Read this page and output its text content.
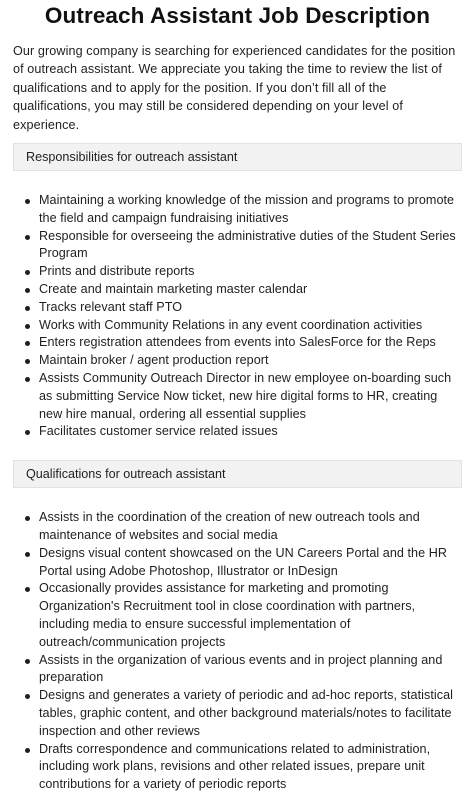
Outreach Assistant Job Description

Our growing company is searching for experienced candidates for the position of outreach assistant. We appreciate you taking the time to review the list of qualifications and to apply for the position. If you don’t fill all of the qualifications, you may still be considered depending on your level of experience.

Responsibilities for outreach assistant
Maintaining a working knowledge of the mission and programs to promote the field and campaign fundraising initiatives
Responsible for overseeing the administrative duties of the Student Series Program
Prints and distribute reports
Create and maintain marketing master calendar
Tracks relevant staff PTO
Works with Community Relations in any event coordination activities
Enters registration attendees from events into SalesForce for the Reps
Maintain broker / agent production report
Assists Community Outreach Director in new employee on-boarding such as submitting Service Now ticket, new hire digital forms to HR, creating new hire manual, ordering all essential supplies
Facilitates customer service related issues
Qualifications for outreach assistant
Assists in the coordination of the creation of new outreach tools and maintenance of websites and social media
Designs visual content showcased on the UN Careers Portal and the HR Portal using Adobe Photoshop, Illustrator or InDesign
Occasionally provides assistance for marketing and promoting Organization's Recruitment tool in close coordination with partners, including media to ensure successful implementation of outreach/communication projects
Assists in the organization of various events and in project planning and preparation
Designs and generates a variety of periodic and ad-hoc reports, statistical tables, graphic content, and other background materials/notes to facilitate inspection and other reviews
Drafts correspondence and communications related to administration, including work plans, revisions and other related issues, prepare unit contributions for a variety of periodic reports
